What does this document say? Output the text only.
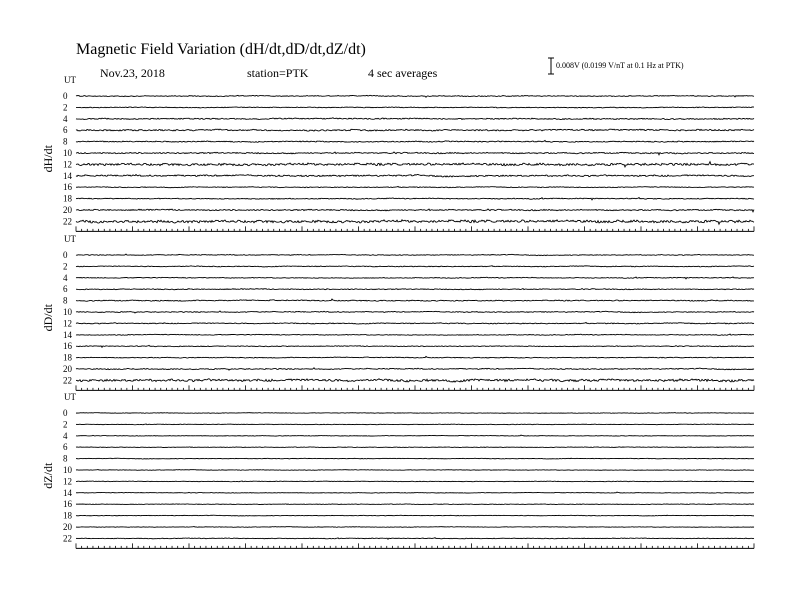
Magnetic Field Variation (dH/dt,dD/dt,dZ/dt)
Nov.23, 2018	station=PTK	4 sec averages
0.008V (0.0199 V/nT at 0.1 Hz at PTK)
UT
dH/dt
0
2
4
6
8
10
12
14
16
18
20
22
UT
dD/dt
0
2
4
6
8
10
12
14
16
18
20
22
UT
dZ/dt
0
2
4
6
8
10
12
14
16
18
20
22
